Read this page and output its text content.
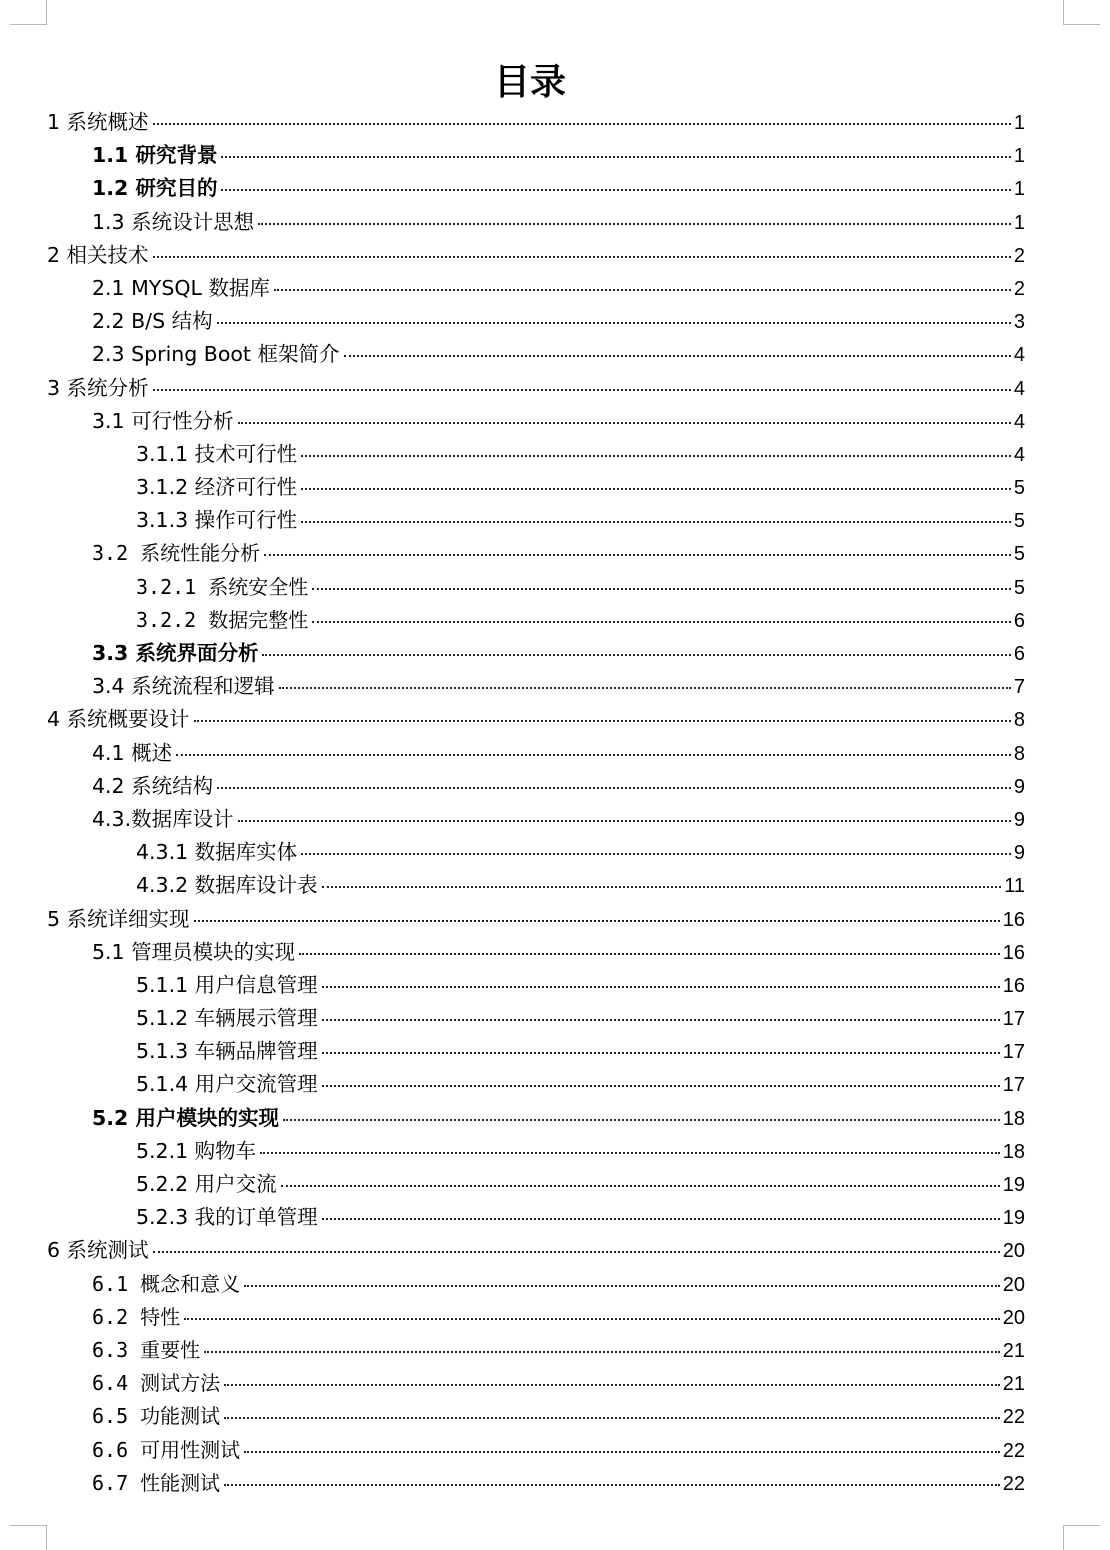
目录
1 系统概述	1
1.1 研究背景	1
1.2 研究目的	1
1.3 系统设计思想	1
2 相关技术	2
2.1 MYSQL 数据库	2
2.2 B/S 结构	3
2.3 Spring Boot 框架简介	4
3 系统分析	4
3.1 可行性分析	4
3.1.1 技术可行性	4
3.1.2 经济可行性	5
3.1.3 操作可行性	5
3.2 系统性能分析	5
3.2.1 系统安全性	5
3.2.2 数据完整性	6
3.3 系统界面分析	6
3.4 系统流程和逻辑	7
4 系统概要设计	8
4.1 概述	8
4.2 系统结构	9
4.3.数据库设计	9
4.3.1 数据库实体	9
4.3.2 数据库设计表	11
5 系统详细实现	16
5.1 管理员模块的实现	16
5.1.1 用户信息管理	16
5.1.2 车辆展示管理	17
5.1.3 车辆品牌管理	17
5.1.4 用户交流管理	17
5.2 用户模块的实现	18
5.2.1 购物车	18
5.2.2 用户交流	19
5.2.3 我的订单管理	19
6 系统测试	20
6.1 概念和意义	20
6.2 特性	20
6.3 重要性	21
6.4 测试方法	21
6.5 功能测试	22
6.6 可用性测试	22
6.7 性能测试	22
